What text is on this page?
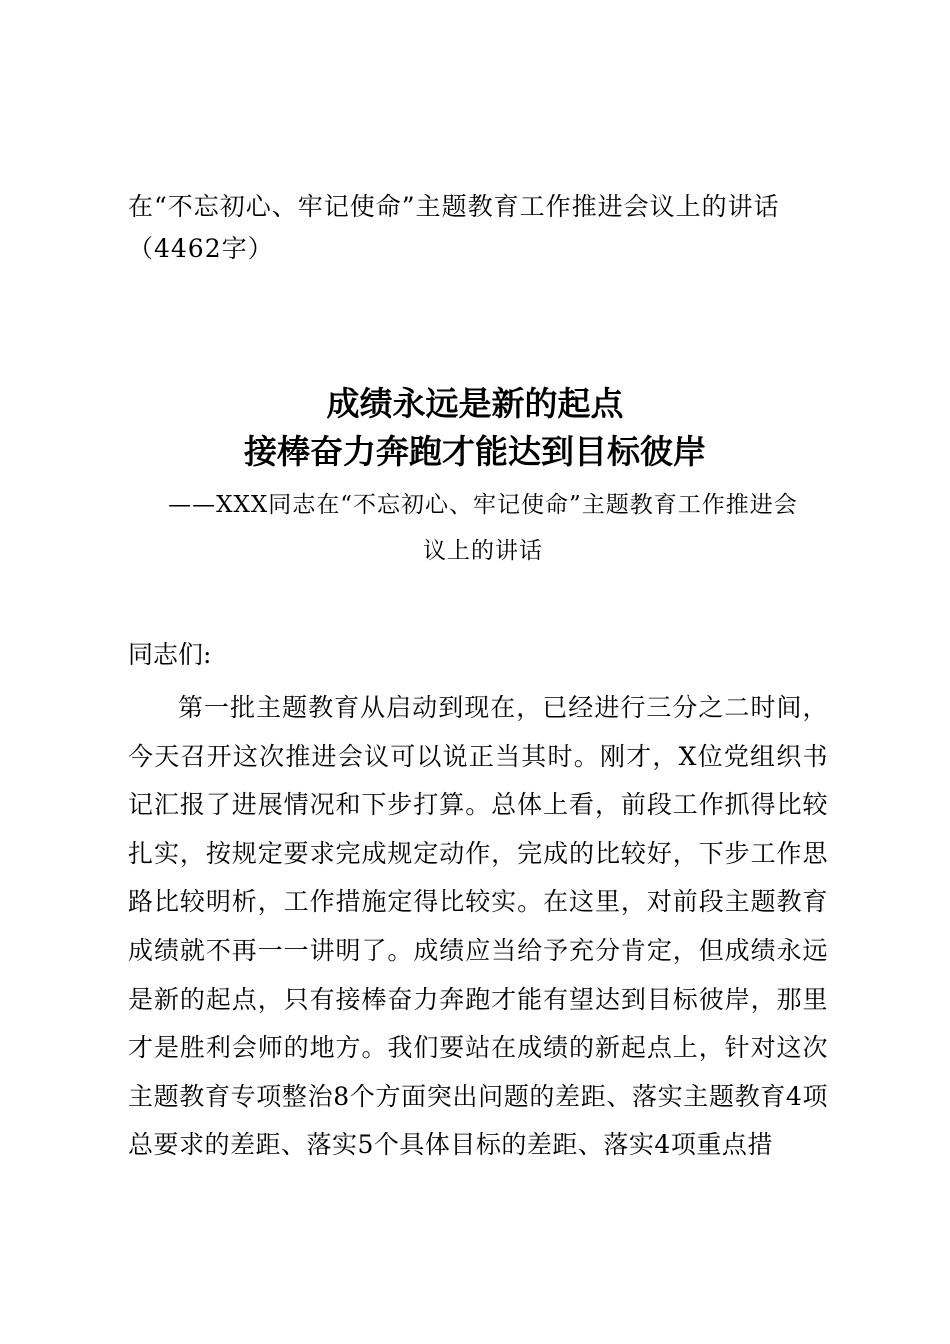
在“不忘初心、牢记使命”主题教育工作推进会议上的讲话
（4462字）
成绩永远是新的起点
接棒奋力奔跑才能达到目标彼岸
——XXX同志在“不忘初心、牢记使命”主题教育工作推进会
议上的讲话
同志们:
第一批主题教育从启动到现在，已经进行三分之二时间，今天召开这次推进会议可以说正当其时。刚才，X位党组织书记汇报了进展情况和下步打算。总体上看，前段工作抓得比较扎实，按规定要求完成规定动作，完成的比较好，下步工作思路比较明析，工作措施定得比较实。在这里，对前段主题教育成绩就不再一一讲明了。成绩应当给予充分肯定，但成绩永远是新的起点，只有接棒奋力奔跑才能有望达到目标彼岸，那里才是胜利会师的地方。我们要站在成绩的新起点上，针对这次主题教育专项整治8个方面突出问题的差距、落实主题教育4项总要求的差距、落实5个具体目标的差距、落实4项重点措
